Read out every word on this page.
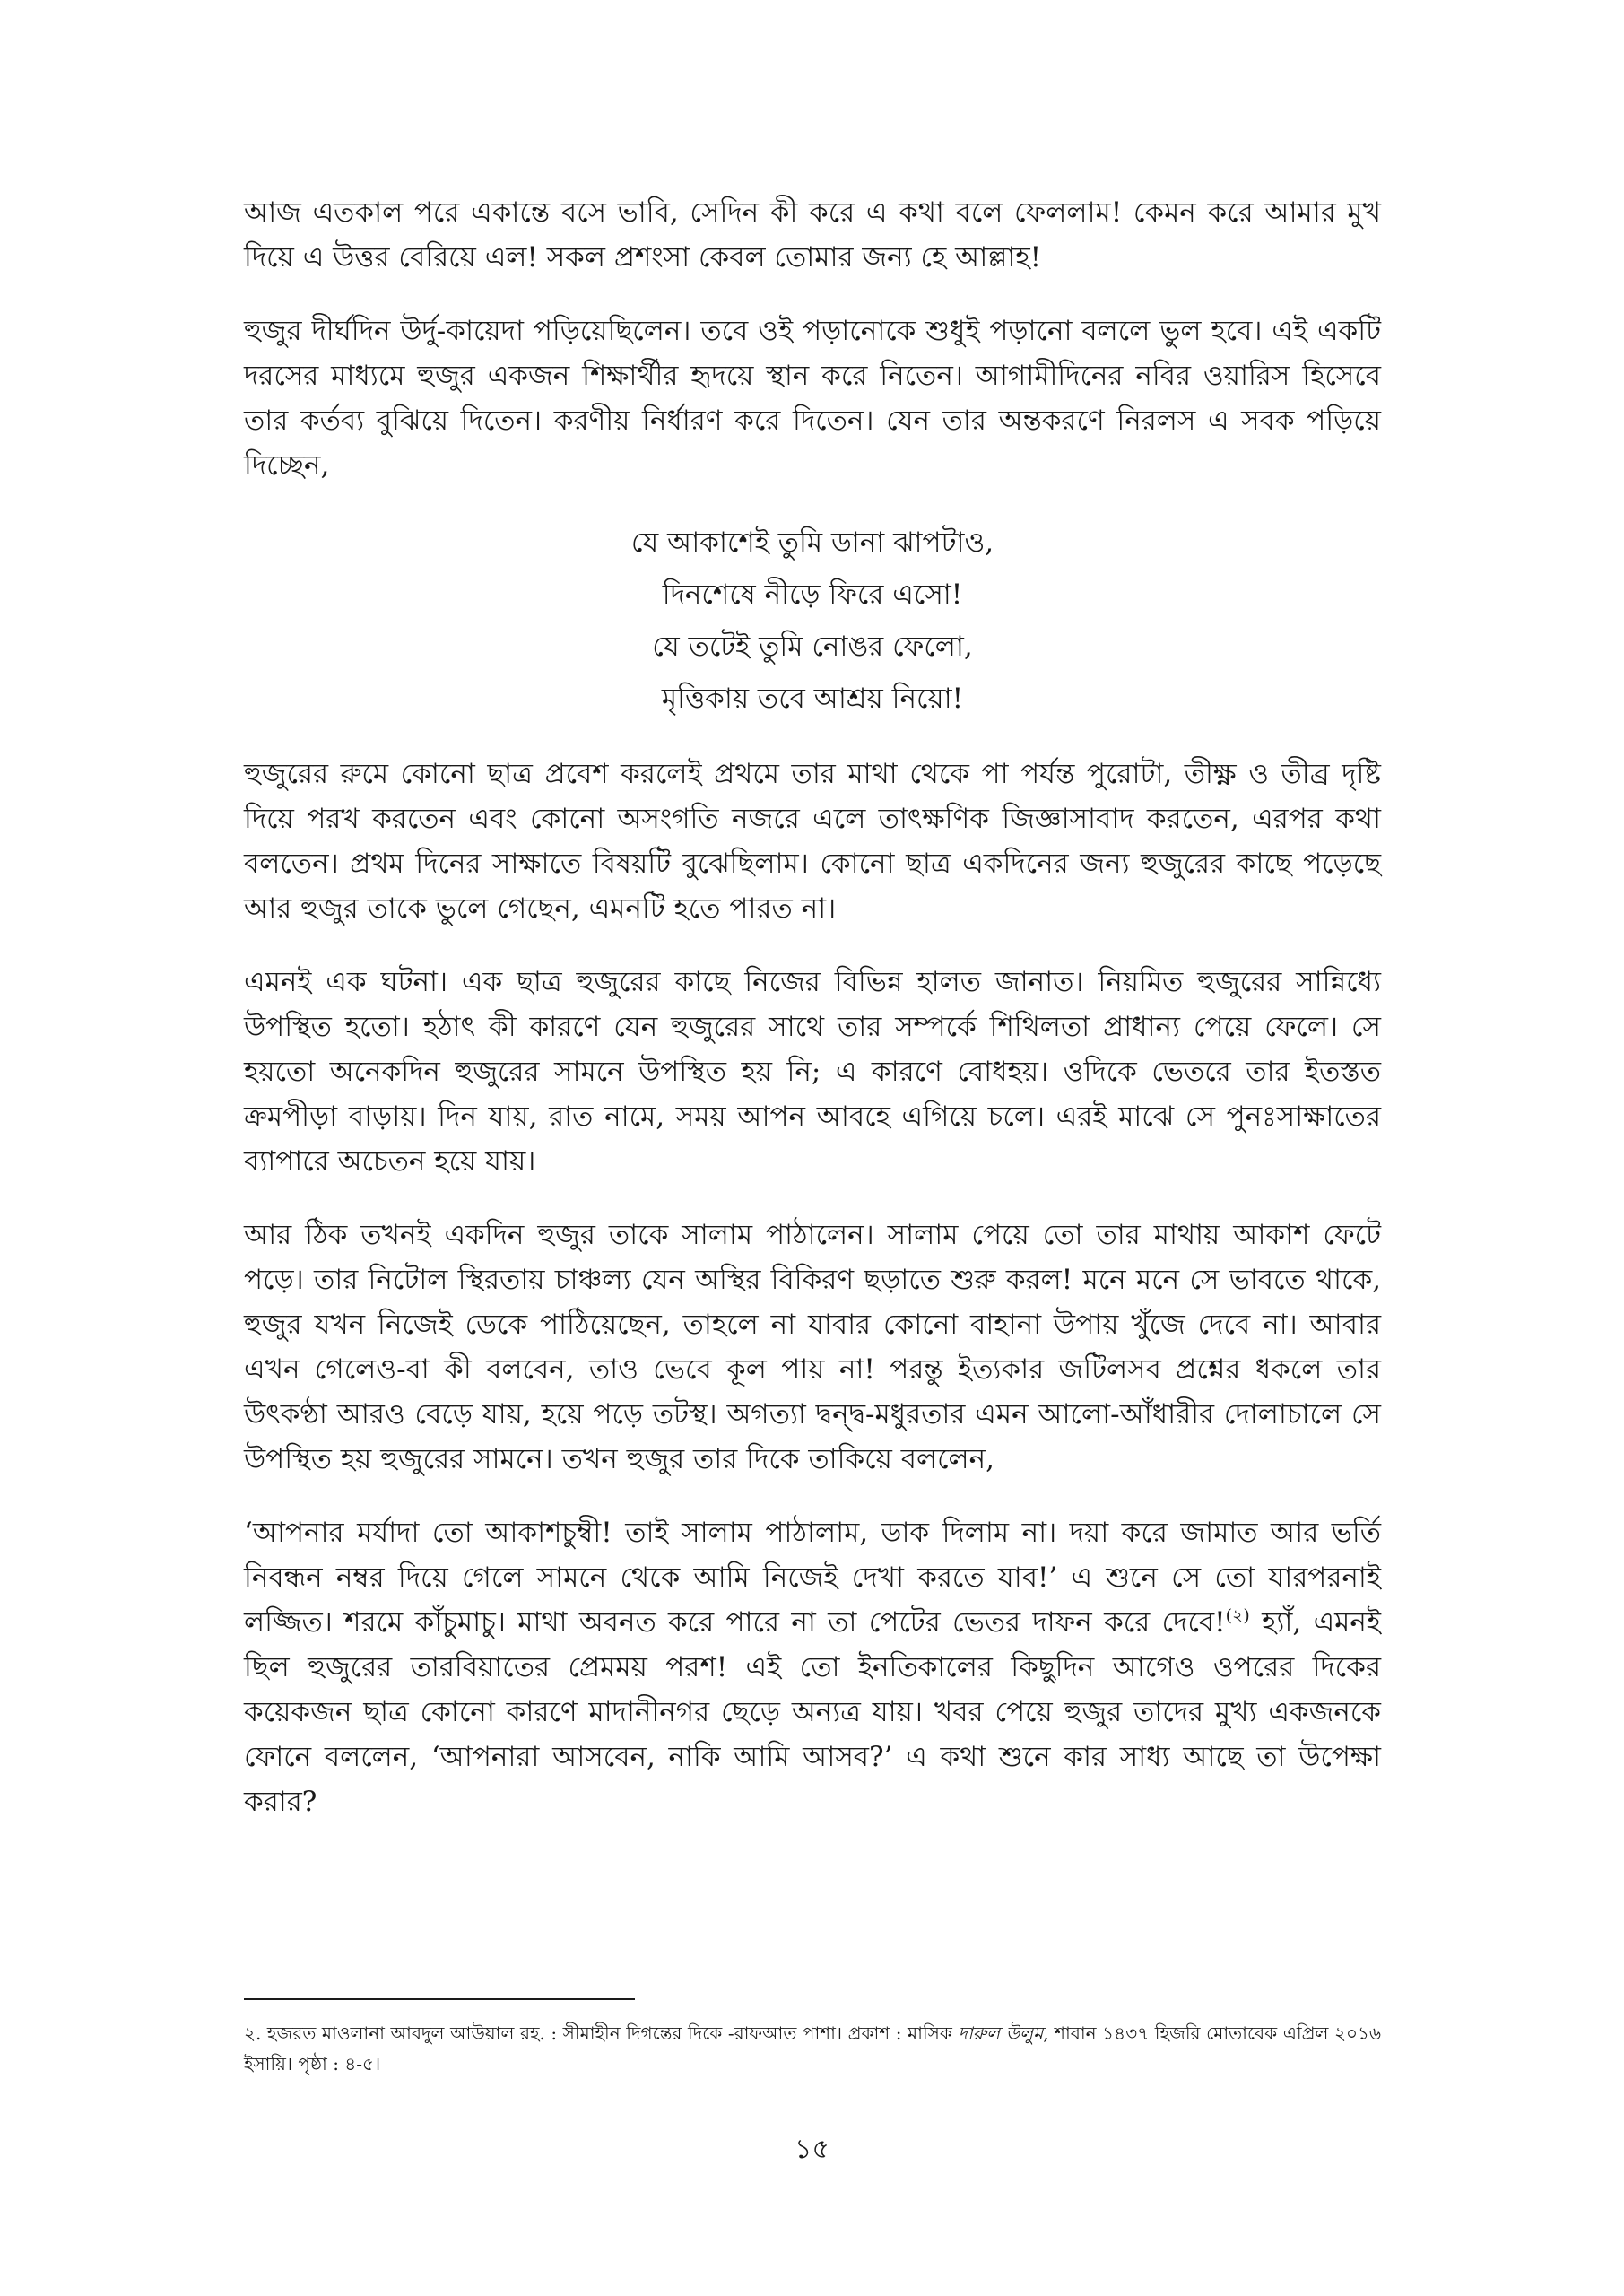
আজ এতকাল পরে একান্তে বসে ভাবি, সেদিন কী করে এ কথা বলে ফেললাম! কেমন করে আমার মুখ দিয়ে এ উত্তর বেরিয়ে এল! সকল প্রশংসা কেবল তোমার জন্য হে আল্লাহ!

হুজুর দীর্ঘদিন উর্দু-কায়েদা পড়িয়েছিলেন। তবে ওই পড়ানোকে শুধুই পড়ানো বললে ভুল হবে। এই একটি দরসের মাধ্যমে হুজুর একজন শিক্ষার্থীর হৃদয়ে স্থান করে নিতেন। আগামীদিনের নবির ওয়ারিস হিসেবে তার কর্তব্য বুঝিয়ে দিতেন। করণীয় নির্ধারণ করে দিতেন। যেন তার অন্তকরণে নিরলস এ সবক পড়িয়ে দিচ্ছেন,

যে আকাশেই তুমি ডানা ঝাপটাও,
দিনশেষে নীড়ে ফিরে এসো!
যে তটেই তুমি নোঙর ফেলো,
মৃত্তিকায় তবে আশ্রয় নিয়ো!

হুজুরের রুমে কোনো ছাত্র প্রবেশ করলেই প্রথমে তার মাথা থেকে পা পর্যন্ত পুরোটা, তীক্ষ্ণ ও তীব্র দৃষ্টি দিয়ে পরখ করতেন এবং কোনো অসংগতি নজরে এলে তাৎক্ষণিক জিজ্ঞাসাবাদ করতেন, এরপর কথা বলতেন। প্রথম দিনের সাক্ষাতে বিষয়টি বুঝেছিলাম। কোনো ছাত্র একদিনের জন্য হুজুরের কাছে পড়েছে আর হুজুর তাকে ভুলে গেছেন, এমনটি হতে পারত না।

এমনই এক ঘটনা। এক ছাত্র হুজুরের কাছে নিজের বিভিন্ন হালত জানাত। নিয়মিত হুজুরের সান্নিধ্যে উপস্থিত হতো। হঠাৎ কী কারণে যেন হুজুরের সাথে তার সম্পর্কে শিথিলতা প্রাধান্য পেয়ে ফেলে। সে হয়তো অনেকদিন হুজুরের সামনে উপস্থিত হয় নি; এ কারণে বোধহয়। ওদিকে ভেতরে তার ইতস্তত ক্রমপীড়া বাড়ায়। দিন যায়, রাত নামে, সময় আপন আবহে এগিয়ে চলে। এরই মাঝে সে পুনঃসাক্ষাতের ব্যাপারে অচেতন হয়ে যায়।

আর ঠিক তখনই একদিন হুজুর তাকে সালাম পাঠালেন। সালাম পেয়ে তো তার মাথায় আকাশ ফেটে পড়ে। তার নিটোল স্থিরতায় চাঞ্চল্য যেন অস্থির বিকিরণ ছড়াতে শুরু করল! মনে মনে সে ভাবতে থাকে, হুজুর যখন নিজেই ডেকে পাঠিয়েছেন, তাহলে না যাবার কোনো বাহানা উপায় খুঁজে দেবে না। আবার এখন গেলেও-বা কী বলবেন, তাও ভেবে কূল পায় না! পরন্তু ইত্যকার জটিলসব প্রশ্নের ধকলে তার উৎকণ্ঠা আরও বেড়ে যায়, হয়ে পড়ে তটস্থ। অগত্যা দ্বন্দ্ব-মধুরতার এমন আলো-আঁধারীর দোলাচালে সে উপস্থিত হয় হুজুরের সামনে। তখন হুজুর তার দিকে তাকিয়ে বললেন,

‘আপনার মর্যাদা তো আকাশচুম্বী! তাই সালাম পাঠালাম, ডাক দিলাম না। দয়া করে জামাত আর ভর্তি নিবন্ধন নম্বর দিয়ে গেলে সামনে থেকে আমি নিজেই দেখা করতে যাব!’ এ শুনে সে তো যারপরনাই লজ্জিত। শরমে কাঁচুমাচু। মাথা অবনত করে পারে না তা পেটের ভেতর দাফন করে দেবে!$^{(২)}$ হ্যাঁ, এমনই ছিল হুজুরের তারবিয়াতের প্রেমময় পরশ! এই তো ইনতিকালের কিছুদিন আগেও ওপরের দিকের কয়েকজন ছাত্র কোনো কারণে মাদানীনগর ছেড়ে অন্যত্র যায়। খবর পেয়ে হুজুর তাদের মুখ্য একজনকে ফোনে বললেন, ‘আপনারা আসবেন, নাকি আমি আসব?’ এ কথা শুনে কার সাধ্য আছে তা উপেক্ষা করার?

২. হজরত মাওলানা আবদুল আউয়াল রহ. : সীমাহীন দিগন্তের দিকে -রাফআত পাশা। প্রকাশ : মাসিক দারুল উলুম, শাবান ১৪৩৭ হিজরি মোতাবেক এপ্রিল ২০১৬ ইসায়ি। পৃষ্ঠা : ৪-৫।
১৫
